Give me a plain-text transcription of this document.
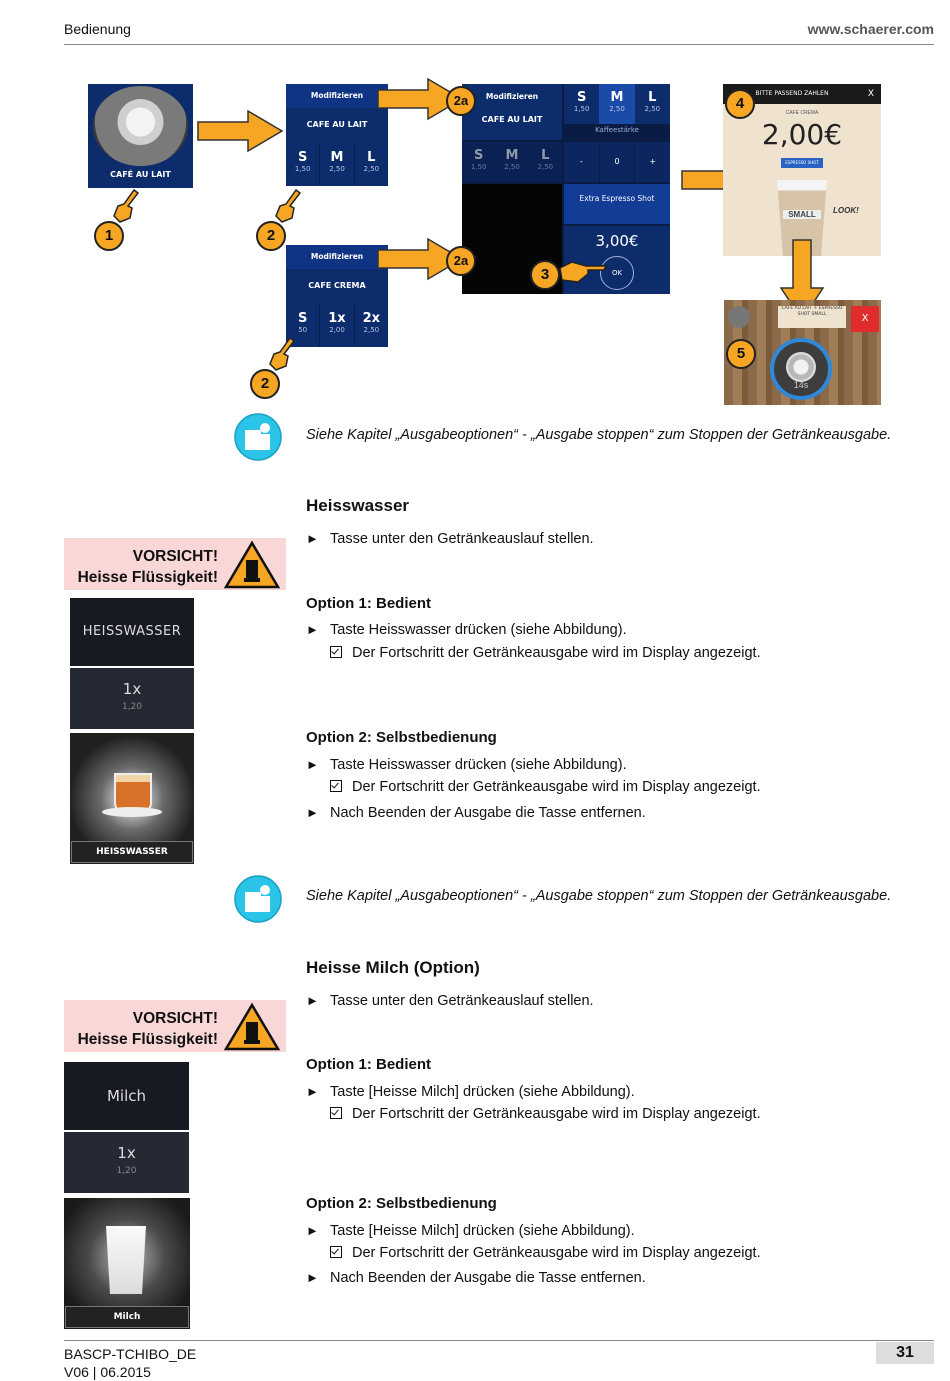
Bedienung	www.schaerer.com
CAFÉ AU LAIT
Modifizieren
CAFE AU LAIT
S
1,50
M
2,50
L
2,50
Modifizieren
CAFE CREMA
S
50
1x
2,00
2x
2,50
Modifizieren
CAFE AU LAIT
S
1,50
M
2,50
L
2,50
S
1,50
M
2,50
L
2,50
Kaffeestärke
-	0	+
Extra Espresso Shot
3,00€
OK
BITTE PASSEND ZAHLEN	X
CAFE CREMA
2,00€
ESPRESSO SHOT
SMALL	LOOK!
CAFE AU LAIT + ESPRESSO SHOT SMALL	X
14s
1	2
2
2a
2a
3
4
5
Siehe Kapitel „Ausgabeoptionen“ - „Ausgabe stoppen“ zum Stoppen der Getränkeausgabe.
Heisswasser
► Tasse unter den Getränkeauslauf stellen.
VORSICHT!
Heisse Flüssigkeit!
Option 1: Bedient
► Taste Heisswasser drücken (siehe Abbildung).
Der Fortschritt der Getränkeausgabe wird im Display angezeigt.
Option 2: Selbstbedienung
► Taste Heisswasser drücken (siehe Abbildung).
Der Fortschritt der Getränkeausgabe wird im Display angezeigt.
► Nach Beenden der Ausgabe die Tasse entfernen.
HEISSWASSER
1x
1,20
HEISSWASSER
Siehe Kapitel „Ausgabeoptionen“ - „Ausgabe stoppen“ zum Stoppen der Getränkeausgabe.
Heisse Milch (Option)
► Tasse unter den Getränkeauslauf stellen.
VORSICHT!
Heisse Flüssigkeit!
Option 1: Bedient
► Taste [Heisse Milch] drücken (siehe Abbildung).
Der Fortschritt der Getränkeausgabe wird im Display angezeigt.
Option 2: Selbstbedienung
► Taste [Heisse Milch] drücken (siehe Abbildung).
Der Fortschritt der Getränkeausgabe wird im Display angezeigt.
► Nach Beenden der Ausgabe die Tasse entfernen.
Milch
1x
1,20
Milch
BASCP-TCHIBO_DE
V06 | 06.2015
31
